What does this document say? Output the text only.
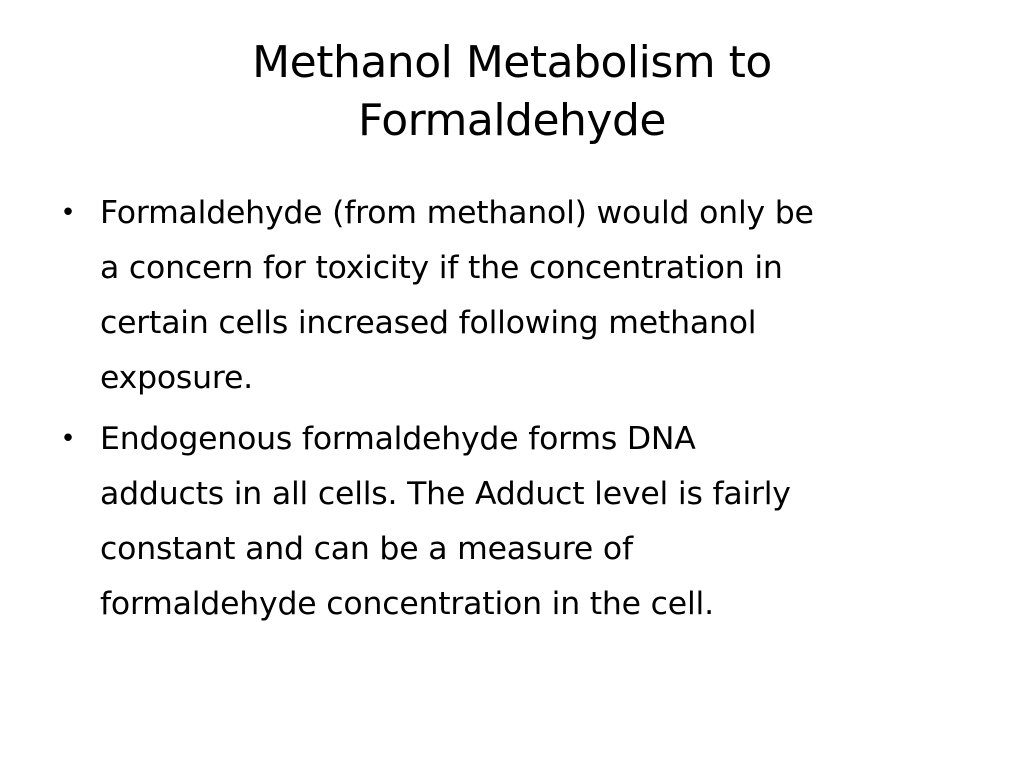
Methanol Metabolism to
Formaldehyde
• Formaldehyde (from methanol) would only be
a concern for toxicity if the concentration in
certain cells increased following methanol
exposure.
• Endogenous formaldehyde forms DNA
adducts in all cells. The Adduct level is fairly
constant and can be a measure of
formaldehyde concentration in the cell.
